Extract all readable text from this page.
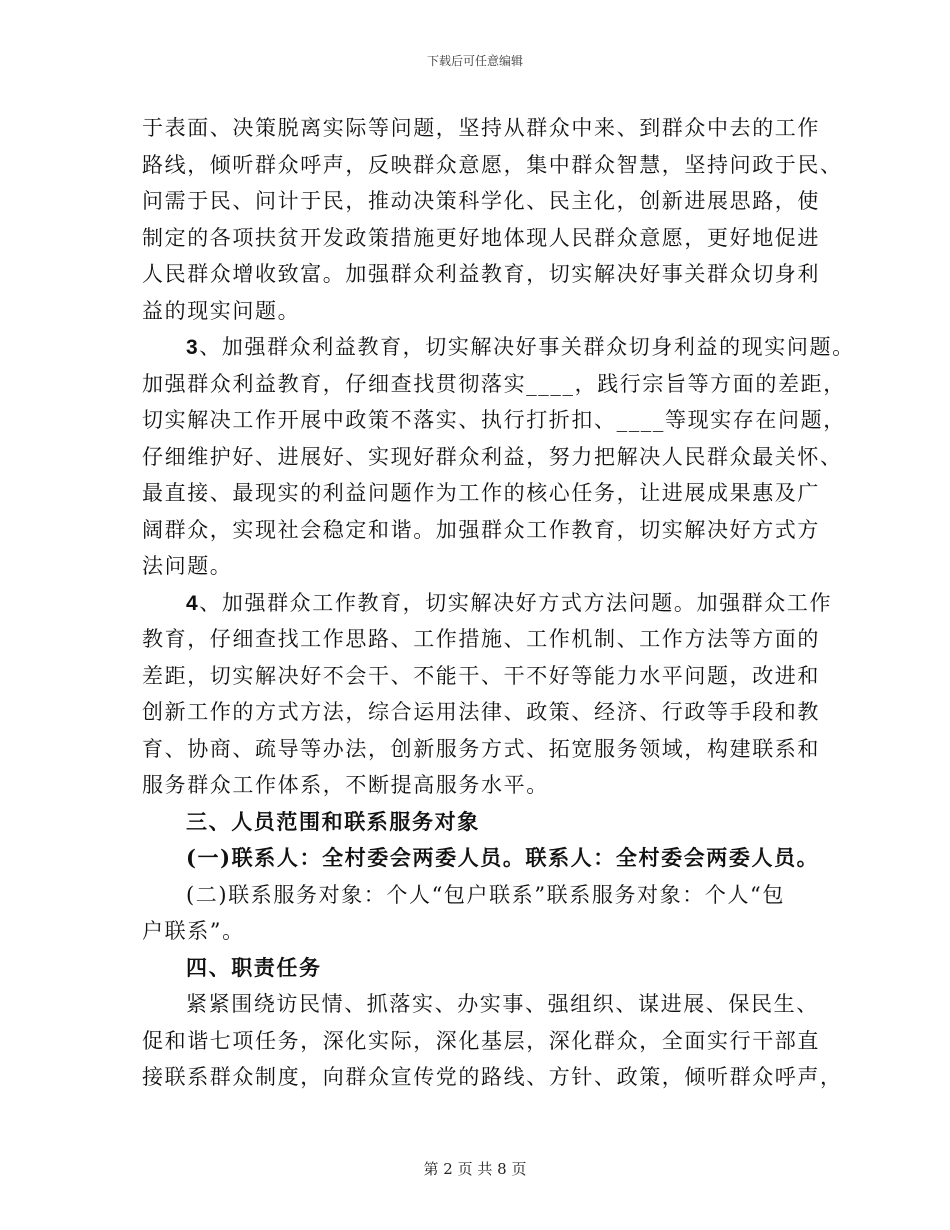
下载后可任意编辑
于表面、决策脱离实际等问题，坚持从群众中来、到群众中去的工作
路线，倾听群众呼声，反映群众意愿，集中群众智慧，坚持问政于民、
问需于民、问计于民，推动决策科学化、民主化，创新进展思路，使
制定的各项扶贫开发政策措施更好地体现人民群众意愿，更好地促进
人民群众增收致富。加强群众利益教育，切实解决好事关群众切身利
益的现实问题。
3、加强群众利益教育，切实解决好事关群众切身利益的现实问题。
加强群众利益教育，仔细查找贯彻落实____，践行宗旨等方面的差距，
切实解决工作开展中政策不落实、执行打折扣、____等现实存在问题，
仔细维护好、进展好、实现好群众利益，努力把解决人民群众最关怀、
最直接、最现实的利益问题作为工作的核心任务，让进展成果惠及广
阔群众，实现社会稳定和谐。加强群众工作教育，切实解决好方式方
法问题。
4、加强群众工作教育，切实解决好方式方法问题。加强群众工作
教育，仔细查找工作思路、工作措施、工作机制、工作方法等方面的
差距，切实解决好不会干、不能干、干不好等能力水平问题，改进和
创新工作的方式方法，综合运用法律、政策、经济、行政等手段和教
育、协商、疏导等办法，创新服务方式、拓宽服务领域，构建联系和
服务群众工作体系，不断提高服务水平。
三、人员范围和联系服务对象
(一)联系人：全村委会两委人员。联系人：全村委会两委人员。
(二)联系服务对象：个人“包户联系”联系服务对象：个人“包
户联系”。
四、职责任务
紧紧围绕访民情、抓落实、办实事、强组织、谋进展、保民生、
促和谐七项任务，深化实际，深化基层，深化群众，全面实行干部直
接联系群众制度，向群众宣传党的路线、方针、政策，倾听群众呼声，
第 2 页 共 8 页
